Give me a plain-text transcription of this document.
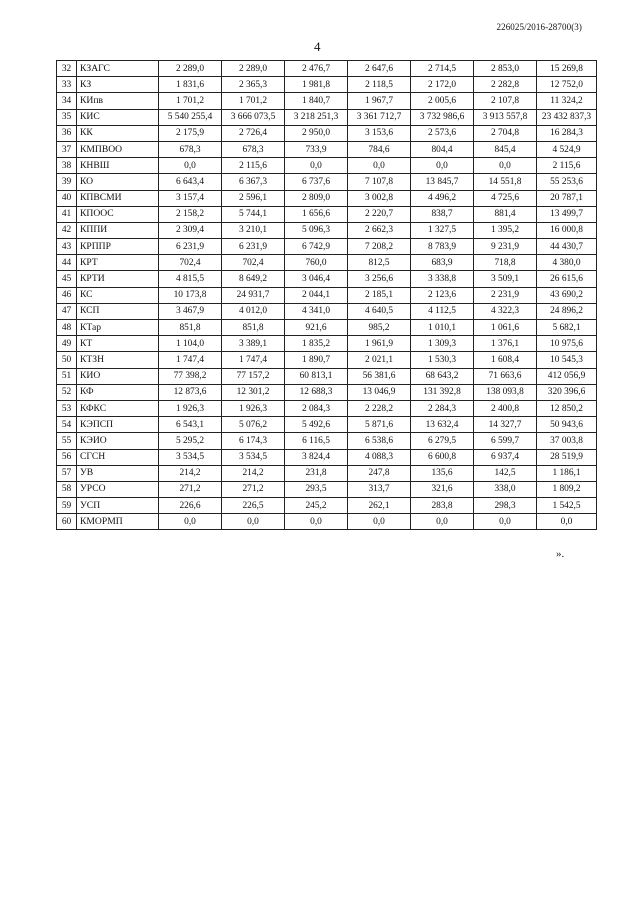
226025/2016-28700(3)
4
32	КЗАГС	2 289,0	2 289,0	2 476,7	2 647,6	2 714,5	2 853,0	15 269,8
33	КЗ	1 831,6	2 365,3	1 981,8	2 118,5	2 172,0	2 282,8	12 752,0
34	КИпв	1 701,2	1 701,2	1 840,7	1 967,7	2 005,6	2 107,8	11 324,2
35	КИС	5 540 255,4	3 666 073,5	3 218 251,3	3 361 712,7	3 732 986,6	3 913 557,8	23 432 837,3
36	КК	2 175,9	2 726,4	2 950,0	3 153,6	2 573,6	2 704,8	16 284,3
37	КМПВОО	678,3	678,3	733,9	784,6	804,4	845,4	4 524,9
38	КНВШ	0,0	2 115,6	0,0	0,0	0,0	0,0	2 115,6
39	КО	6 643,4	6 367,3	6 737,6	7 107,8	13 845,7	14 551,8	55 253,6
40	КПВСМИ	3 157,4	2 596,1	2 809,0	3 002,8	4 496,2	4 725,6	20 787,1
41	КПООС	2 158,2	5 744,1	1 656,6	2 220,7	838,7	881,4	13 499,7
42	КППИ	2 309,4	3 210,1	5 096,3	2 662,3	1 327,5	1 395,2	16 000,8
43	КРППР	6 231,9	6 231,9	6 742,9	7 208,2	8 783,9	9 231,9	44 430,7
44	КРТ	702,4	702,4	760,0	812,5	683,9	718,8	4 380,0
45	КРТИ	4 815,5	8 649,2	3 046,4	3 256,6	3 338,8	3 509,1	26 615,6
46	КС	10 173,8	24 931,7	2 044,1	2 185,1	2 123,6	2 231,9	43 690,2
47	КСП	3 467,9	4 012,0	4 341,0	4 640,5	4 112,5	4 322,3	24 896,2
48	КТар	851,8	851,8	921,6	985,2	1 010,1	1 061,6	5 682,1
49	КТ	1 104,0	3 389,1	1 835,2	1 961,9	1 309,3	1 376,1	10 975,6
50	КТЗН	1 747,4	1 747,4	1 890,7	2 021,1	1 530,3	1 608,4	10 545,3
51	КИО	77 398,2	77 157,2	60 813,1	56 381,6	68 643,2	71 663,6	412 056,9
52	КФ	12 873,6	12 301,2	12 688,3	13 046,9	131 392,8	138 093,8	320 396,6
53	КФКС	1 926,3	1 926,3	2 084,3	2 228,2	2 284,3	2 400,8	12 850,2
54	КЭПСП	6 543,1	5 076,2	5 492,6	5 871,6	13 632,4	14 327,7	50 943,6
55	КЭИО	5 295,2	6 174,3	6 116,5	6 538,6	6 279,5	6 599,7	37 003,8
56	СГСН	3 534,5	3 534,5	3 824,4	4 088,3	6 600,8	6 937,4	28 519,9
57	УВ	214,2	214,2	231,8	247,8	135,6	142,5	1 186,1
58	УРСО	271,2	271,2	293,5	313,7	321,6	338,0	1 809,2
59	УСП	226,6	226,5	245,2	262,1	283,8	298,3	1 542,5
60	КМОРМП	0,0	0,0	0,0	0,0	0,0	0,0	0,0
».
